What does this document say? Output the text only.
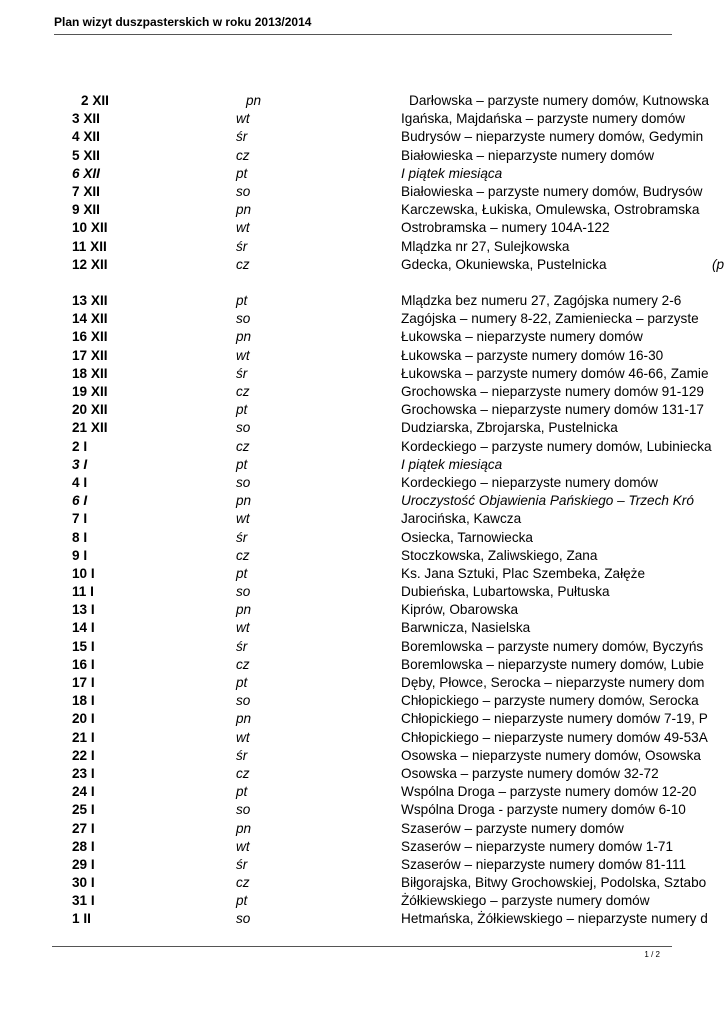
Plan wizyt duszpasterskich w roku 2013/2014
2 XII	pn	Darłowska – parzyste numery domów, Kutnowska
3 XII	wt	Igańska, Majdańska – parzyste numery domów
4 XII	śr	Budrysów – nieparzyste numery domów, Gedymin
5 XII	cz	Białowieska – nieparzyste numery domów
6 XII	pt	I piątek miesiąca
7 XII	so	Białowieska – parzyste numery domów, Budrysów
9 XII	pn	Karczewska, Łukiska, Omulewska, Ostrobramska
10 XII	wt	Ostrobramska – numery 104A-122
11 XII	śr	Mlądzka nr 27, Sulejkowska
12 XII	cz	Gdecka, Okuniewska, Pustelnicka	(p
13 XII	pt	Mlądzka bez numeru 27, Zagójska numery 2-6
14 XII	so	Zagójska – numery 8-22, Zamieniecka – parzyste
16 XII	pn	Łukowska – nieparzyste numery domów
17 XII	wt	Łukowska – parzyste numery domów 16-30
18 XII	śr	Łukowska – parzyste numery domów 46-66, Zamie
19 XII	cz	Grochowska – nieparzyste numery domów 91-129
20 XII	pt	Grochowska – nieparzyste numery domów 131-17
21 XII	so	Dudziarska, Zbrojarska, Pustelnicka
2 I	cz	Kordeckiego – parzyste numery domów, Lubiniecka
3 I	pt	I piątek miesiąca
4 I	so	Kordeckiego – nieparzyste numery domów
6 I	pn	Uroczystość Objawienia Pańskiego – Trzech Kró
7 I	wt	Jarocińska, Kawcza
8 I	śr	Osiecka, Tarnowiecka
9 I	cz	Stoczkowska, Zaliwskiego, Zana
10 I	pt	Ks. Jana Sztuki, Plac Szembeka, Załęże
11 I	so	Dubieńska, Lubartowska, Pułtuska
13 I	pn	Kiprów, Obarowska
14 I	wt	Barwnicza, Nasielska
15 I	śr	Boremlowska – parzyste numery domów, Byczyńs
16 I	cz	Boremlowska – nieparzyste numery domów, Lubie
17 I	pt	Dęby, Płowce, Serocka – nieparzyste numery dom
18 I	so	Chłopickiego – parzyste numery domów, Serocka
20 I	pn	Chłopickiego – nieparzyste numery domów 7-19, P
21 I	wt	Chłopickiego – nieparzyste numery domów 49-53A
22 I	śr	Osowska – nieparzyste numery domów, Osowska
23 I	cz	Osowska – parzyste numery domów 32-72
24 I	pt	Wspólna Droga – parzyste numery domów 12-20
25 I	so	Wspólna Droga - parzyste numery domów 6-10
27 I	pn	Szaserów – parzyste numery domów
28 I	wt	Szaserów – nieparzyste numery domów 1-71
29 I	śr	Szaserów – nieparzyste numery domów 81-111
30 I	cz	Biłgorajska, Bitwy Grochowskiej, Podolska, Sztabo
31 I	pt	Żółkiewskiego – parzyste numery domów
1 II	so	Hetmańska, Żółkiewskiego – nieparzyste numery d
1 / 2
